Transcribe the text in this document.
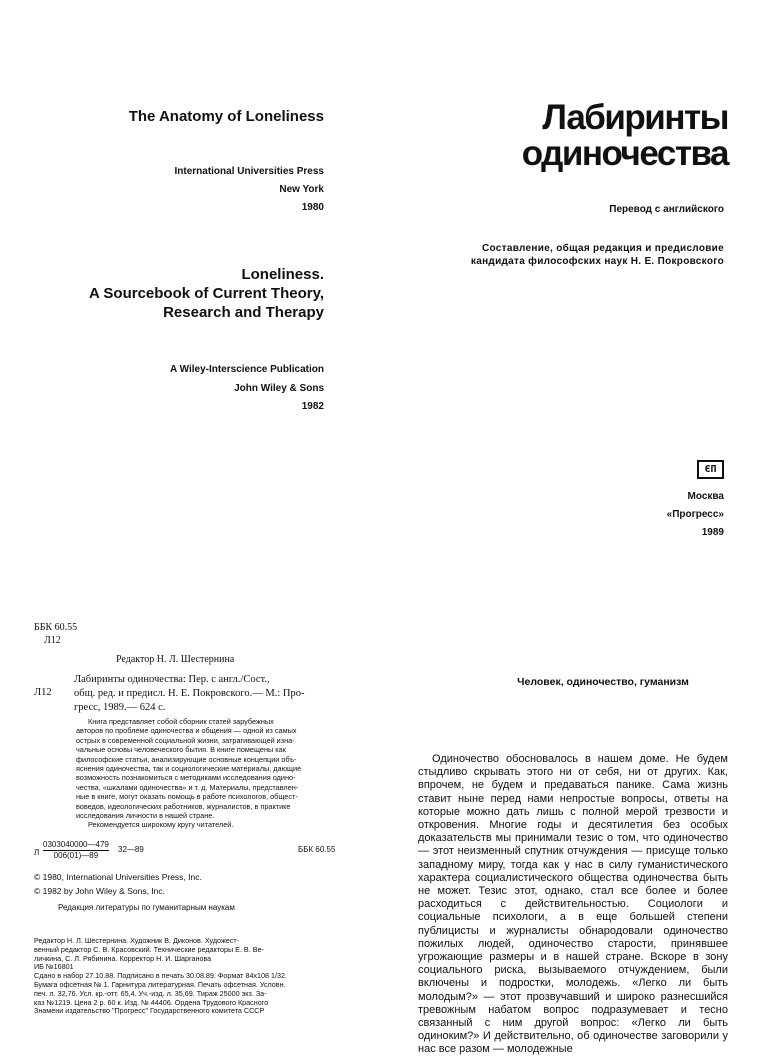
The Anatomy of Loneliness
International Universities Press
New York
1980
Loneliness.
A Sourcebook of Current Theory,
Research and Therapy
A Wiley-Interscience Publication
John Wiley & Sons
1982
Лабиринты
одиночества
Перевод с английского
Составление, общая редакция и предисловие
кандидата философских наук Н. Е. Покровского
ЄП
Москва
«Прогресс»
1989
ББК 60.55
Л12
Редактор Н. Л. Шестернина
Лабиринты одиночества: Пер. с англ./Сост.,
общ. ред. и предисл. Н. Е. Покровского.— М.: Про-
гресс, 1989.— 624 с.
Л12
Книга представляет собой сборник статей зарубежных
авторов по проблеме одиночества и общения — одной из самых
острых в современной социальной жизни, затрагивающей изна-
чальные основы человеческого бытия. В книге помещены как
философские статьи, анализирующие основные концепции объ-
яснения одиночества, так и социологические материалы, дающие
возможность познакомиться с методиками исследования одино-
чества, «шкалами одиночества» и т. д. Материалы, представлен-
ные в книге, могут оказать помощь в работе психологов, общест-
воведов, идеологических работников, журналистов, в практике
исследования личности в нашей стране.
Рекомендуется широкому кругу читателей.
Л $\frac{0303040000—479}{006(01)—89}$ 32—89	ББК 60.55
© 1980, International Universities Press, Inc.
© 1982 by John Wiley & Sons, Inc.
Редакция литературы по гуманитарным наукам
Редактор Н. Л. Шестернина. Художник В. Диконов. Художест-
венный редактор С. В. Красовский. Технические редакторы Е. В. Ве-
личкина, С. Л. Рябинина. Корректор Н. И. Шарганова
ИБ №16801
Сдано в набор 27.10.88. Подписано в печать 30.08.89. Формат 84х108 1/32.
Бумага офсетная № 1. Гарнитура литературная. Печать офсетная. Условн.
печ. л. 32,76. Усл. кр.-отт. 65,4. Уч.-изд. л. 35,69. Тираж 25000 экз. За-
каз №1219. Цена 2 р. 60 к. Изд. № 44406. Ордена Трудового Красного
Знамени издательство "Прогресс" Государственного комитета СССР
Человек, одиночество, гуманизм
Одиночество обосновалось в нашем доме. Не будем стыдливо скрывать этого ни от себя, ни от других. Как, впрочем, не будем и предаваться панике. Сама жизнь ставит ныне перед нами непростые вопросы, ответы на которые можно дать лишь с полной мерой трезвости и откровения. Многие годы и десятилетия без особых доказательств мы принимали тезис о том, что одиночество — этот неизменный спутник отчуждения — присуще только западному миру, тогда как у нас в силу гуманистического характера социалистического общества одиночества быть не может. Тезис этот, однако, стал все более и более расходиться с действительностью. Социологи и социальные психологи, а в еще большей степени публицисты и журналисты обнародовали одиночество пожилых людей, одиночество старости, принявшее угрожающие размеры и в нашей стране. Вскоре в зону социального риска, вызываемого отчуждением, были включены и подростки, молодежь. «Легко ли быть молодым?» — этот прозвучавший и широко разнесшийся тревожным набатом вопрос подразумевает и тесно связанный с ним другой вопрос: «Легко ли быть одиноким?» И действительно, об одиночестве заговорили у нас все разом — молодежные
